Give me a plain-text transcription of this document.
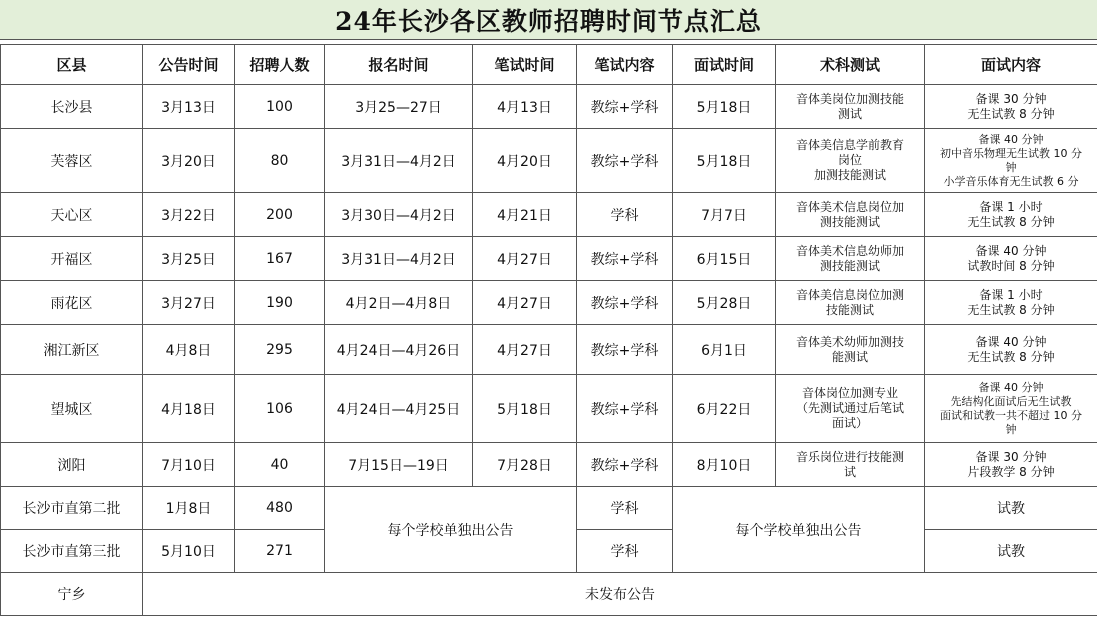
24年长沙各区教师招聘时间节点汇总
区县	公告时间	招聘人数	报名时间	笔试时间	笔试内容	面试时间	术科测试	面试内容
长沙县	3月13日	100	3月25—27日	4月13日	教综+学科	5月18日	音体美岗位加测技能
测试	备课 30 分钟
无生试教 8 分钟
芙蓉区	3月20日	80	3月31日—4月2日	4月20日	教综+学科	5月18日	音体美信息学前教育
岗位
加测技能测试	备课 40 分钟
初中音乐物理无生试教 10 分
钟
小学音乐体育无生试教 6 分
天心区	3月22日	200	3月30日—4月2日	4月21日	学科	7月7日	音体美术信息岗位加
测技能测试	备课 1 小时
无生试教 8 分钟
开福区	3月25日	167	3月31日—4月2日	4月27日	教综+学科	6月15日	音体美术信息幼师加
测技能测试	备课 40 分钟
试教时间 8 分钟
雨花区	3月27日	190	4月2日—4月8日	4月27日	教综+学科	5月28日	音体美信息岗位加测
技能测试	备课 1 小时
无生试教 8 分钟
湘江新区	4月8日	295	4月24日—4月26日	4月27日	教综+学科	6月1日	音体美术幼师加测技
能测试	备课 40 分钟
无生试教 8 分钟
望城区	4月18日	106	4月24日—4月25日	5月18日	教综+学科	6月22日	音体岗位加测专业
（先测试通过后笔试
面试）	备课 40 分钟
先结构化面试后无生试教
面试和试教一共不超过 10 分
钟
浏阳	7月10日	40	7月15日—19日	7月28日	教综+学科	8月10日	音乐岗位进行技能测
试	备课 30 分钟
片段教学 8 分钟
长沙市直第二批	1月8日	480	每个学校单独出公告		学科	每个学校单独出公告		试教
长沙市直第三批	5月10日	271			学科			试教
宁乡	未发布公告							
